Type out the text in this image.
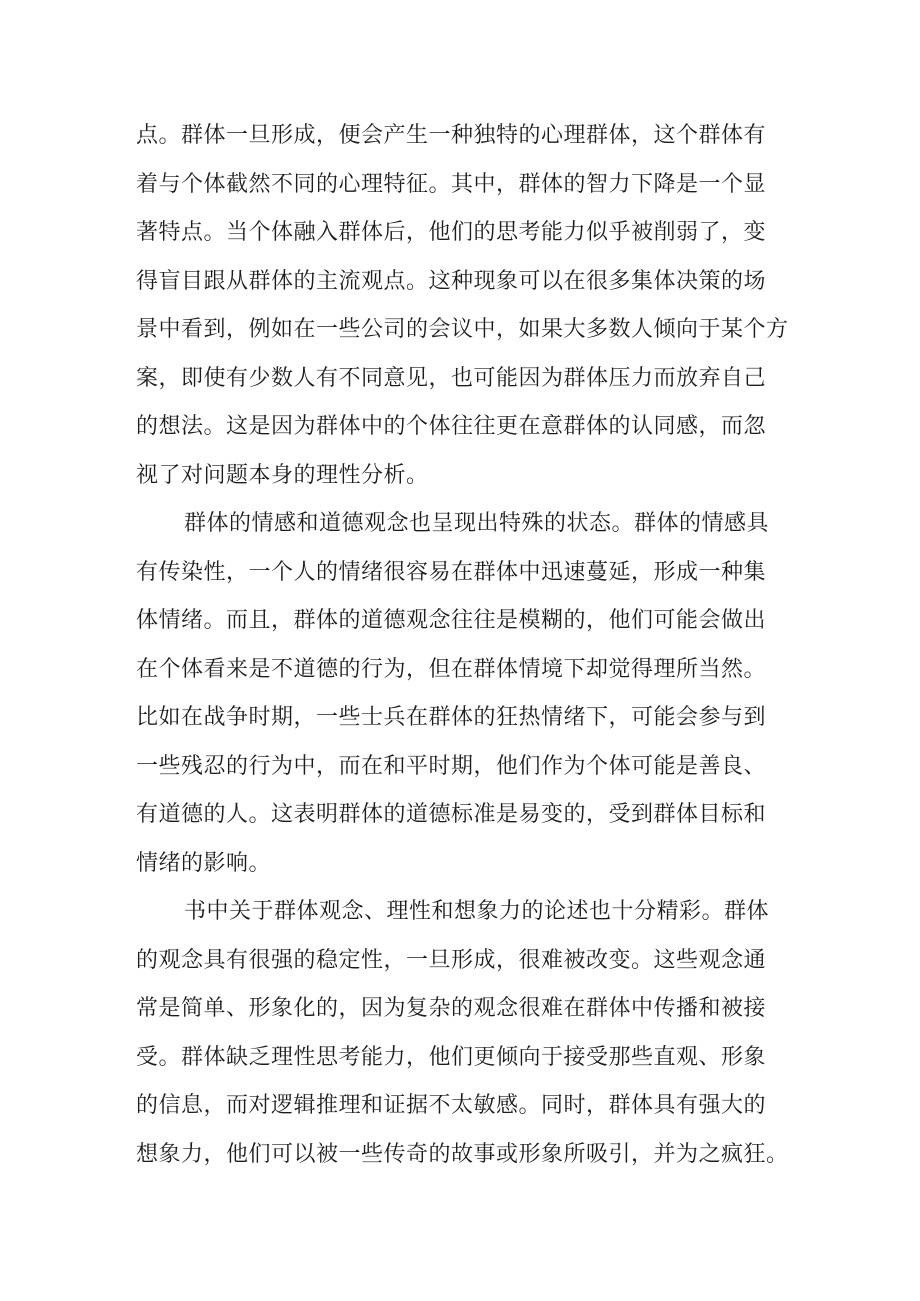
点。群体一旦形成，便会产生一种独特的心理群体，这个群体有
着与个体截然不同的心理特征。其中，群体的智力下降是一个显
著特点。当个体融入群体后，他们的思考能力似乎被削弱了，变
得盲目跟从群体的主流观点。这种现象可以在很多集体决策的场
景中看到，例如在一些公司的会议中，如果大多数人倾向于某个方
案，即使有少数人有不同意见，也可能因为群体压力而放弃自己
的想法。这是因为群体中的个体往往更在意群体的认同感，而忽
视了对问题本身的理性分析。
群体的情感和道德观念也呈现出特殊的状态。群体的情感具
有传染性，一个人的情绪很容易在群体中迅速蔓延，形成一种集
体情绪。而且，群体的道德观念往往是模糊的，他们可能会做出
在个体看来是不道德的行为，但在群体情境下却觉得理所当然。
比如在战争时期，一些士兵在群体的狂热情绪下，可能会参与到
一些残忍的行为中，而在和平时期，他们作为个体可能是善良、
有道德的人。这表明群体的道德标准是易变的，受到群体目标和
情绪的影响。
书中关于群体观念、理性和想象力的论述也十分精彩。群体
的观念具有很强的稳定性，一旦形成，很难被改变。这些观念通
常是简单、形象化的，因为复杂的观念很难在群体中传播和被接
受。群体缺乏理性思考能力，他们更倾向于接受那些直观、形象
的信息，而对逻辑推理和证据不太敏感。同时，群体具有强大的
想象力，他们可以被一些传奇的故事或形象所吸引，并为之疯狂。
